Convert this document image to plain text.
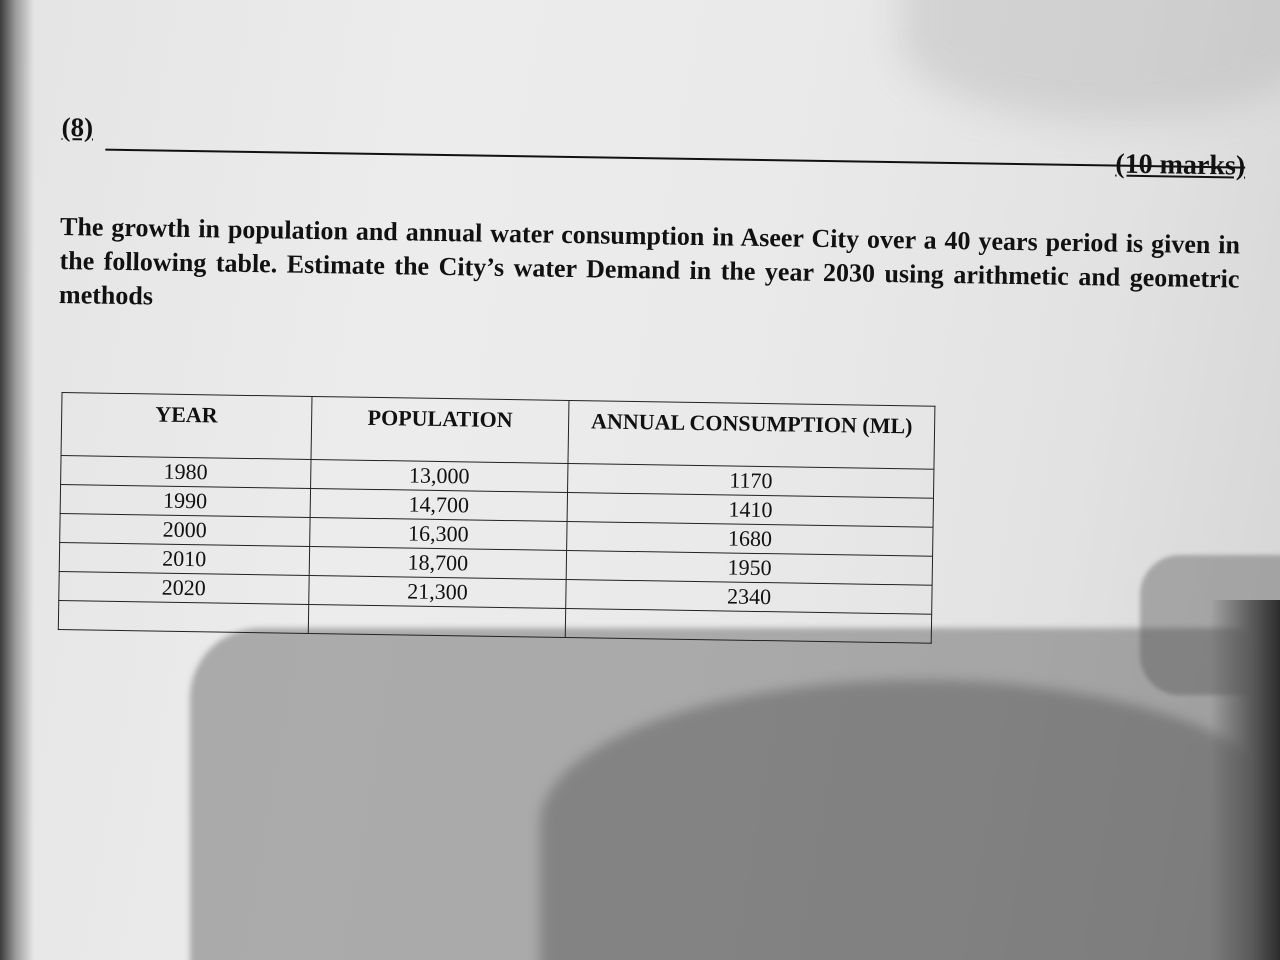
(8)
(10 marks)
The growth in population and annual water consumption in Aseer City over a 40 years period is given in the following table. Estimate the City’s water Demand in the year 2030 using arithmetic and geometric methods
YEAR	POPULATION	ANNUAL CONSUMPTION (ML)
1980	13,000	1170
1990	14,700	1410
2000	16,300	1680
2010	18,700	1950
2020	21,300	2340
